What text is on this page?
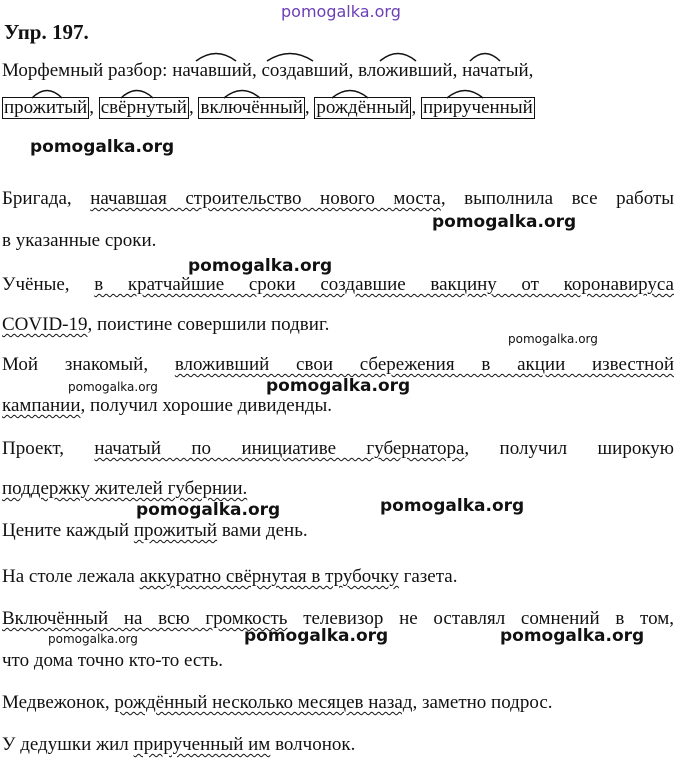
pomogalka.org
Упр. 197.
Морфемный разбор: начавший,
создавший,
вложивший,
начатый,
прожитый ,
свёрнутый ,
включённый ,
рождённый ,
прирученный
pomogalka.org
Бригада, начавшая строительство нового моста, выполнила все работы
pomogalka.org
в указанные сроки.
pomogalka.org
Учёные, в кратчайшие сроки создавшие вакцину от коронавируса
COVID-19, поистине совершили подвиг.
pomogalka.org
Мой знакомый, вложивший свои сбережения в акции известной
pomogalka.org	pomogalka.org
кампании, получил хорошие дивиденды.
Проект, начатый по инициативе губернатора, получил широкую
поддержку жителей губернии.
pomogalka.org
pomogalka.org
Цените каждый прожитый вами день.
На столе лежала аккуратно свёрнутая в трубочку газета.
Включённый на всю громкость телевизор не оставлял сомнений в том,
pomogalka.org	pomogalka.org	pomogalka.org
что дома точно кто-то есть.
Медвежонок, рождённый несколько месяцев назад, заметно подрос.
У дедушки жил прирученный им волчонок.
